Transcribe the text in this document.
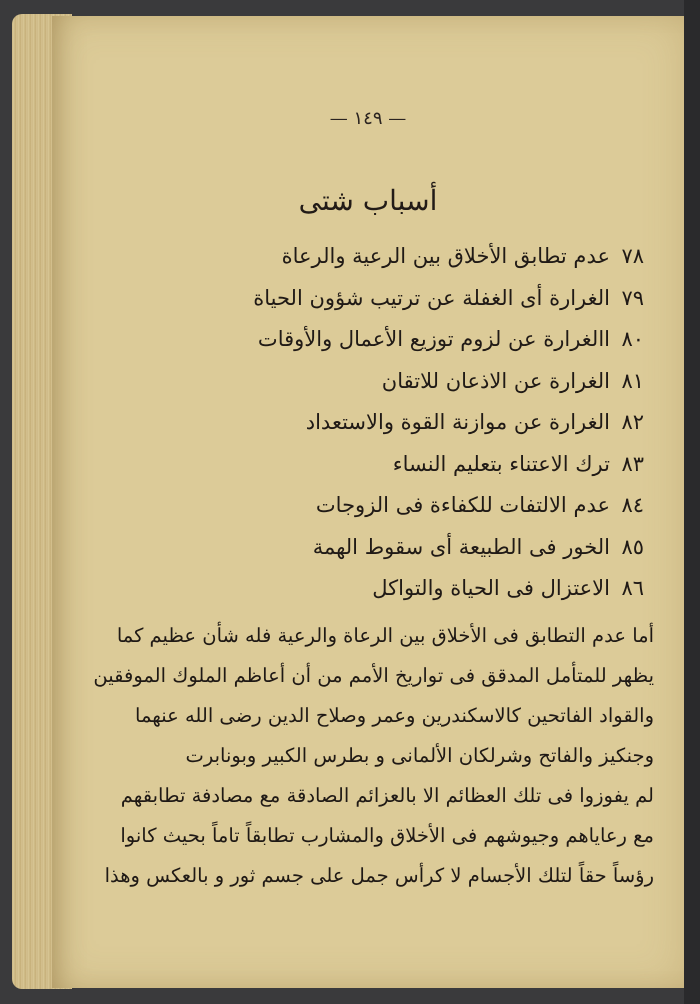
— ١٤٩ —
أسباب شتى
٧٨
عدم تطابق الأخلاق بين الرعية والرعاة
٧٩
الغرارة أى الغفلة عن ترتيب شؤون الحياة
٨٠
االغرارة عن لزوم توزيع الأعمال والأوقات
٨١
الغرارة عن الاذعان للاتقان
٨٢
الغرارة عن موازنة القوة والاستعداد
٨٣
ترك الاعتناء بتعليم النساء
٨٤
عدم الالتفات للكفاءة فى الزوجات
٨٥
الخور فى الطبيعة أى سقوط الهمة
٨٦
الاعتزال فى الحياة والتواكل
أما عدم التطابق فى الأخلاق بين الرعاة والرعية فله شأن عظيم كما
يظهر للمتأمل المدقق فى تواريخ الأمم من أن أعاظم الملوك الموفقين
والقواد الفاتحين كالاسكندرين وعمر وصلاح الدين رضى الله عنهما
وجنكيز والفاتح وشرلكان الألمانى و بطرس الكبير وبونابرت
لم يفوزوا فى تلك العظائم الا بالعزائم الصادقة مع مصادفة تطابقهم
مع رعاياهم وجيوشهم فى الأخلاق والمشارب تطابقاً تاماً بحيث كانوا
رؤساً حقاً لتلك الأجسام لا كرأس جمل على جسم ثور و بالعكس وهذا
